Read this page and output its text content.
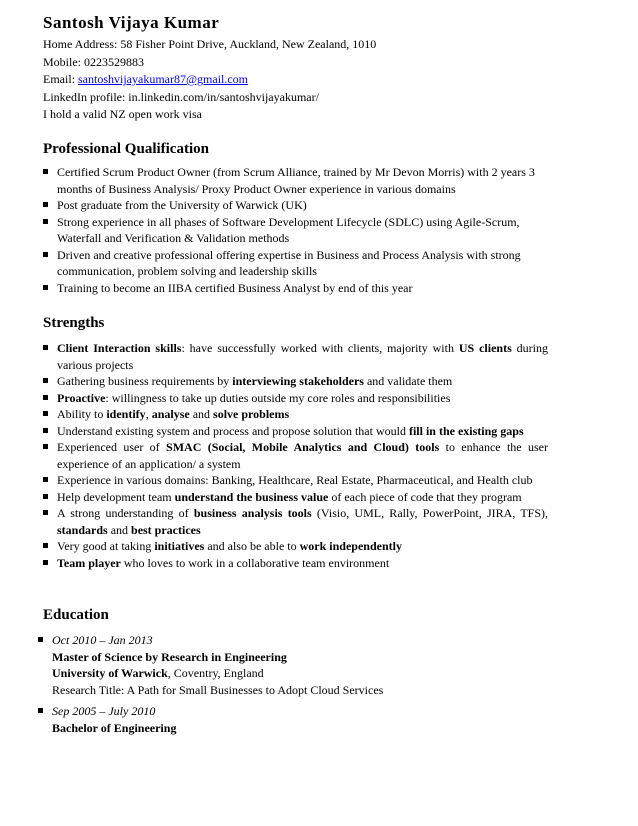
Santosh Vijaya Kumar
Home Address: 58 Fisher Point Drive, Auckland, New Zealand, 1010
Mobile: 0223529883
Email: santoshvijayakumar87@gmail.com
LinkedIn profile: in.linkedin.com/in/santoshvijayakumar/
I hold a valid NZ open work visa
Professional Qualification
Certified Scrum Product Owner (from Scrum Alliance, trained by Mr Devon Morris) with 2 years 3 months of Business Analysis/ Proxy Product Owner experience in various domains
Post graduate from the University of Warwick (UK)
Strong experience in all phases of Software Development Lifecycle (SDLC) using Agile-Scrum, Waterfall and Verification & Validation methods
Driven and creative professional offering expertise in Business and Process Analysis with strong communication, problem solving and leadership skills
Training to become an IIBA certified Business Analyst by end of this year
Strengths
Client Interaction skills: have successfully worked with clients, majority with US clients during various projects
Gathering business requirements by interviewing stakeholders and validate them
Proactive: willingness to take up duties outside my core roles and responsibilities
Ability to identify, analyse and solve problems
Understand existing system and process and propose solution that would fill in the existing gaps
Experienced user of SMAC (Social, Mobile Analytics and Cloud) tools to enhance the user experience of an application/ a system
Experience in various domains: Banking, Healthcare, Real Estate, Pharmaceutical, and Health club
Help development team understand the business value of each piece of code that they program
A strong understanding of business analysis tools (Visio, UML, Rally, PowerPoint, JIRA, TFS), standards and best practices
Very good at taking initiatives and also be able to work independently
Team player who loves to work in a collaborative team environment
Education
Oct 2010 – Jan 2013
Master of Science by Research in Engineering
University of Warwick, Coventry, England
Research Title: A Path for Small Businesses to Adopt Cloud Services
Sep 2005 – July 2010
Bachelor of Engineering
